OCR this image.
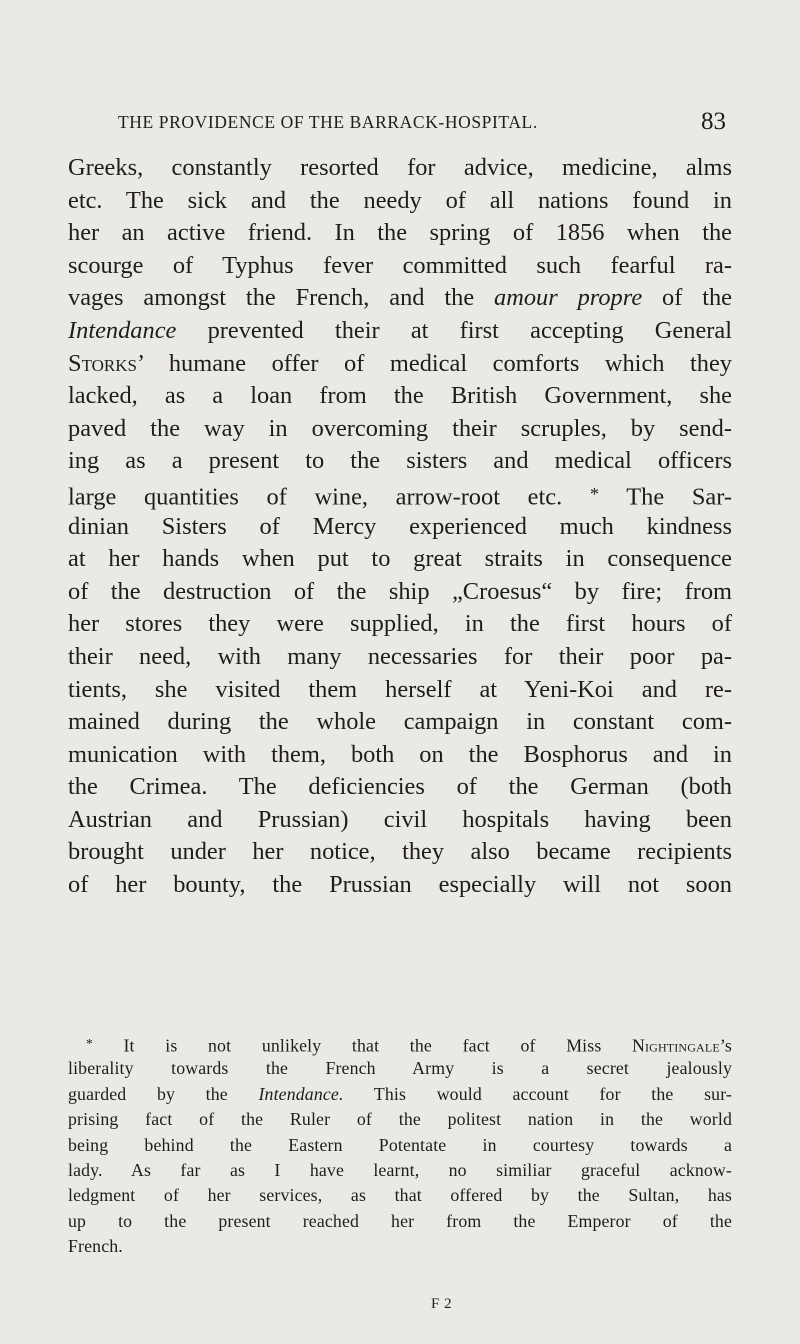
THE PROVIDENCE OF THE BARRACK-HOSPITAL.	83
Greeks, constantly resorted for advice, medicine, alms
etc. The sick and the needy of all nations found in
her an active friend. In the spring of 1856 when the
scourge of Typhus fever committed such fearful ra-
vages amongst the French, and the amour propre of the
Intendance prevented their at first accepting General
Storks’ humane offer of medical comforts which they
lacked, as a loan from the British Government, she
paved the way in overcoming their scruples, by send-
ing as a present to the sisters and medical officers
large quantities of wine, arrow-root etc. * The Sar-
dinian Sisters of Mercy experienced much kindness
at her hands when put to great straits in consequence
of the destruction of the ship „Croesus“ by fire; from
her stores they were supplied, in the first hours of
their need, with many necessaries for their poor pa-
tients, she visited them herself at Yeni-Koi and re-
mained during the whole campaign in constant com-
munication with them, both on the Bosphorus and in
the Crimea. The deficiencies of the German (both
Austrian and Prussian) civil hospitals having been
brought under her notice, they also became recipients
of her bounty, the Prussian especially will not soon
* It is not unlikely that the fact of Miss Nightingale’s
liberality towards the French Army is a secret jealously
guarded by the Intendance. This would account for the sur-
prising fact of the Ruler of the politest nation in the world
being behind the Eastern Potentate in courtesy towards a
lady. As far as I have learnt, no similiar graceful acknow-
ledgment of her services, as that offered by the Sultan, has
up to the present reached her from the Emperor of the
French.
F 2
